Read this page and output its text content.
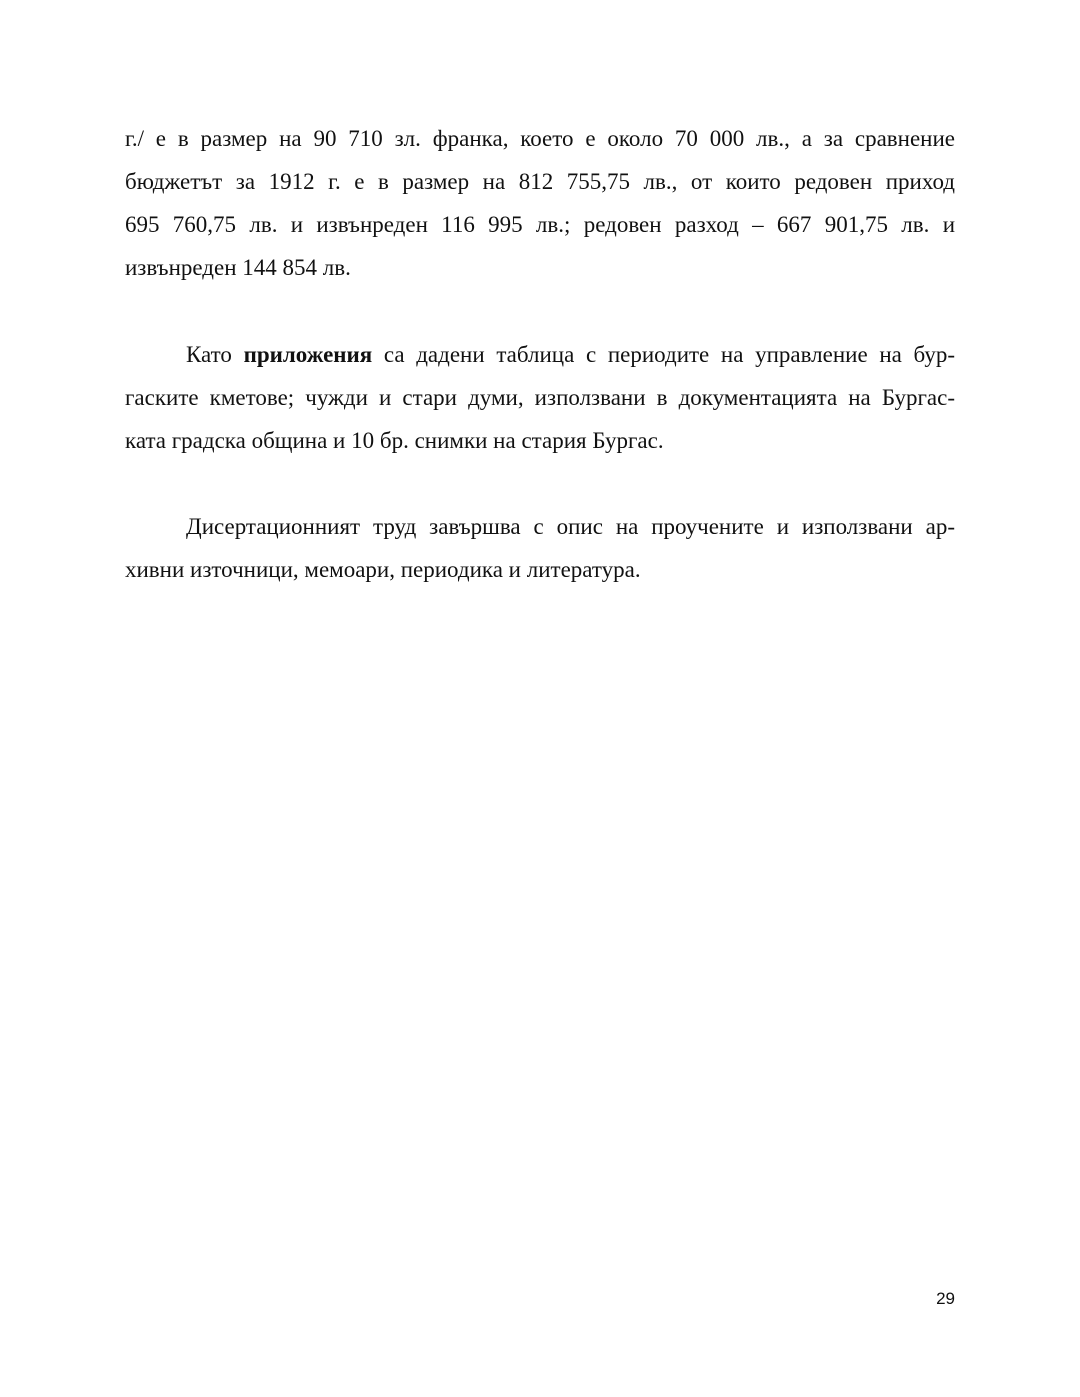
г./ е в размер на 90 710 зл. франка, което е около 70 000 лв., а за сравнение
бюджетът за 1912 г. е в размер на 812 755,75 лв., от които редовен приход
695 760,75 лв. и извънреден 116 995 лв.; редовен разход – 667 901,75 лв. и
извънреден 144 854 лв.
Като приложения са дадени таблица с периодите на управление на бур-
гаските кметове; чужди и стари думи, използвани в документацията на Бургас-
ката градска община и 10 бр. снимки на стария Бургас.
Дисертационният труд завършва с опис на проучените и използвани ар-
хивни източници, мемоари, периодика и литература.
29
